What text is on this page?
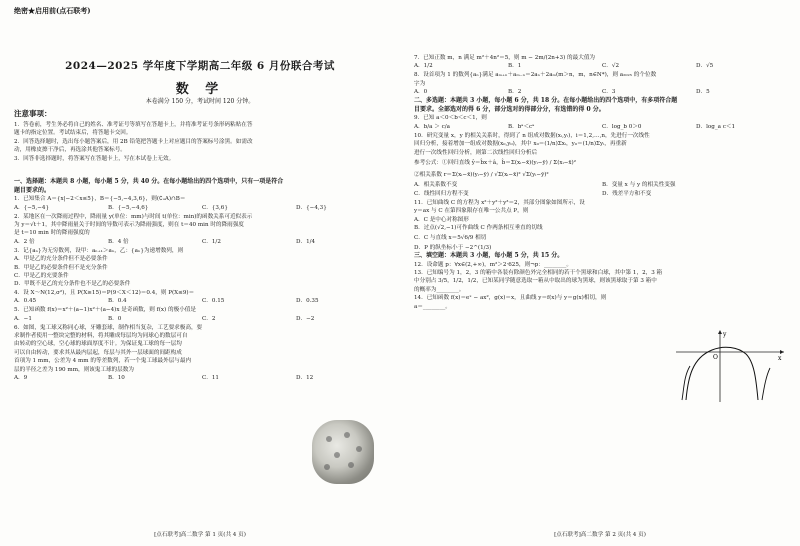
绝密★启用前(点石联考)
2024—2025 学年度下学期高二年级 6 月份联合考试
数 学
本卷满分 150 分，考试时间 120 分钟。
注意事项：
1．答卷前，考生务必将自己的姓名、准考证号等填写在答题卡上，并将准考证号条形码粘贴在答
题卡的指定位置。考试结束后，将答题卡交回。
2．回答选择题时，选出每小题答案后，用 2B 铅笔把答题卡上对应题目的答案标号涂黑。如需改
动，用橡皮擦干净后，再选涂其他答案标号。
3．回答非选择题时，将答案写在答题卡上，写在本试卷上无效。
一、选择题：本题共 8 小题，每小题 5 分，共 40 分。在每小题给出的四个选项中，只有一项是符合
题目要求的。
1．已知集合 A＝{x|−2＜x≤5}，B＝{−5,−4,3,6}，则(∁ᵤA)∩B＝
A．{−5,−4}	B．{−5,−4,6}	C．{3,6}	D．{−4,3}
2．某地区在一次降雨过程中，降雨量 y(单位：mm)与时间 t(单位：min)的函数关系可近似表示
为 y＝√t＋1，其中降雨量关于时间的导数可表示为降雨强度，则在 t＝40 min 时的降雨强度
是 t＝10 min 时的降雨强度的
A．2 倍	B．4 倍	C．1/2	D．1/4
3．记{aₙ}为无穷数列，设甲：aₙ₊₁＞aₙ，乙：{aₙ}为递增数列，则
A．甲是乙的充分条件但不是必要条件
B．甲是乙的必要条件但不是充分条件
C．甲是乙的充要条件
D．甲既不是乙的充分条件也不是乙的必要条件
4．设 X～N(12,σ²)，且 P(X≥15)＝P(9＜X＜12)＝0.4，则 P(X≤9)＝
A．0.45	B．0.4	C．0.15	D．0.35
5．已知函数 f(x)＝x²＋(a−1)x²＋(a−4)x 是奇函数，则 f(x) 的极小值是
A．−1	B．0	C．2	D．−2
6．如图，鬼工球又称同心球，牙雕套球，制作相当复杂，工艺要求极高，要
求制作者使用一整块完整的材料，将其雕成每层均为同球心的数层可自
由转动的空心球，空心球的球面厚度不计。为保证鬼工球的每一层均
可以自由转动，要求其从最内层起，每层与其外一层球面的间距构成
首项为 1 mm，公差为 4 mm 的等差数列，若一个鬼工球最外层与最内
层的半径之差为 190 mm，则该鬼工球的层数为
A．9	B．10	C．11	D．12
[点石联考]高二数学 第 1 页(共 4 页)
7．已知正数 m，n 满足 m²＋4n²＝5，则 m − 2m/(2n+3) 的最大值为
A．1/2	B．1	C．√2	D．√5
8．设首项为 1 的数列{aₙ}满足 aₘ₊ₙ＋aₘ₋ₙ＝2aₙ＋2aₘ(m＞n，m，n∈N*)，则 a₂₀₂₅ 的个位数
字为
A．0	B．2	C．3	D．5
二、多选题：本题共 3 小题，每小题 6 分，共 18 分。在每小题给出的四个选项中，有多项符合题
目要求。全部选对的得 6 分，部分选对的得部分分，有选错的得 0 分。
9．已知 a＜0＜b＜c＜1，则
A．b/a ＞ c/a	B．bᵃ＜cᵃ	C．log_b 0＞0	D．log_a c＜1
10．研究变量 x，y 的相关关系时，得到了 n 组成对数据(xᵢ,yᵢ)，i＝1,2,…,n，先进行一次线性
回归分析，接着增加一组成对数据(x₀,y₀)，其中 x₀＝(1/n)Σxᵢ，y₀＝(1/n)Σyᵢ，再重新
进行一次线性回归分析，则第二次线性回归分析后
参考公式：①回归直线 ŷ＝b̂x＋â，b̂＝Σ(xᵢ−x̄)(yᵢ−ȳ) / Σ(xᵢ−x̄)²
②相关系数 r＝Σ(xᵢ−x̄)(yᵢ−ȳ) / √Σ(xᵢ−x̄)² √Σ(yᵢ−ȳ)²
A．相关系数不变	B．变量 x 与 y 的相关性变强
C．线性回归方程不变	D．残差平方和不变
11．已知曲线 C 的方程为 x²＋y²＋y³＝2，其部分图象如图所示，设
y＝ax 与 C 在第四象限存在唯一公共点 P，则
A．C 是中心对称图形
B．过点(√2,−1)可作曲线 C 作两条相互垂直的切线
C．C 与直线 x＝5√6/9 相切
D．P 的纵坐标小于 −2^(1/3)
三、填空题：本题共 3 小题，每小题 5 分，共 15 分。
12．设命题 p：∀x∈(2,+∞)，m²＞2·625，则¬p：________。
13．已知编号为 1，2，3 的箱中各装有除颜色外完全相同的若干个黑球和白球，其中第 1，2，3 箱
中分别占 3/5，1/2，1/2，已知某同学随意选取一箱从中取出的球为黑球，则该黑球取于第 3 箱中
的概率为________。
14．已知函数 f(x)＝eˣ − ax²，g(x)＝x，且曲线 y＝f(x)与 y＝g(x)相切，则
a＝________。
y
x
O
[点石联考]高二数学 第 2 页(共 4 页)
